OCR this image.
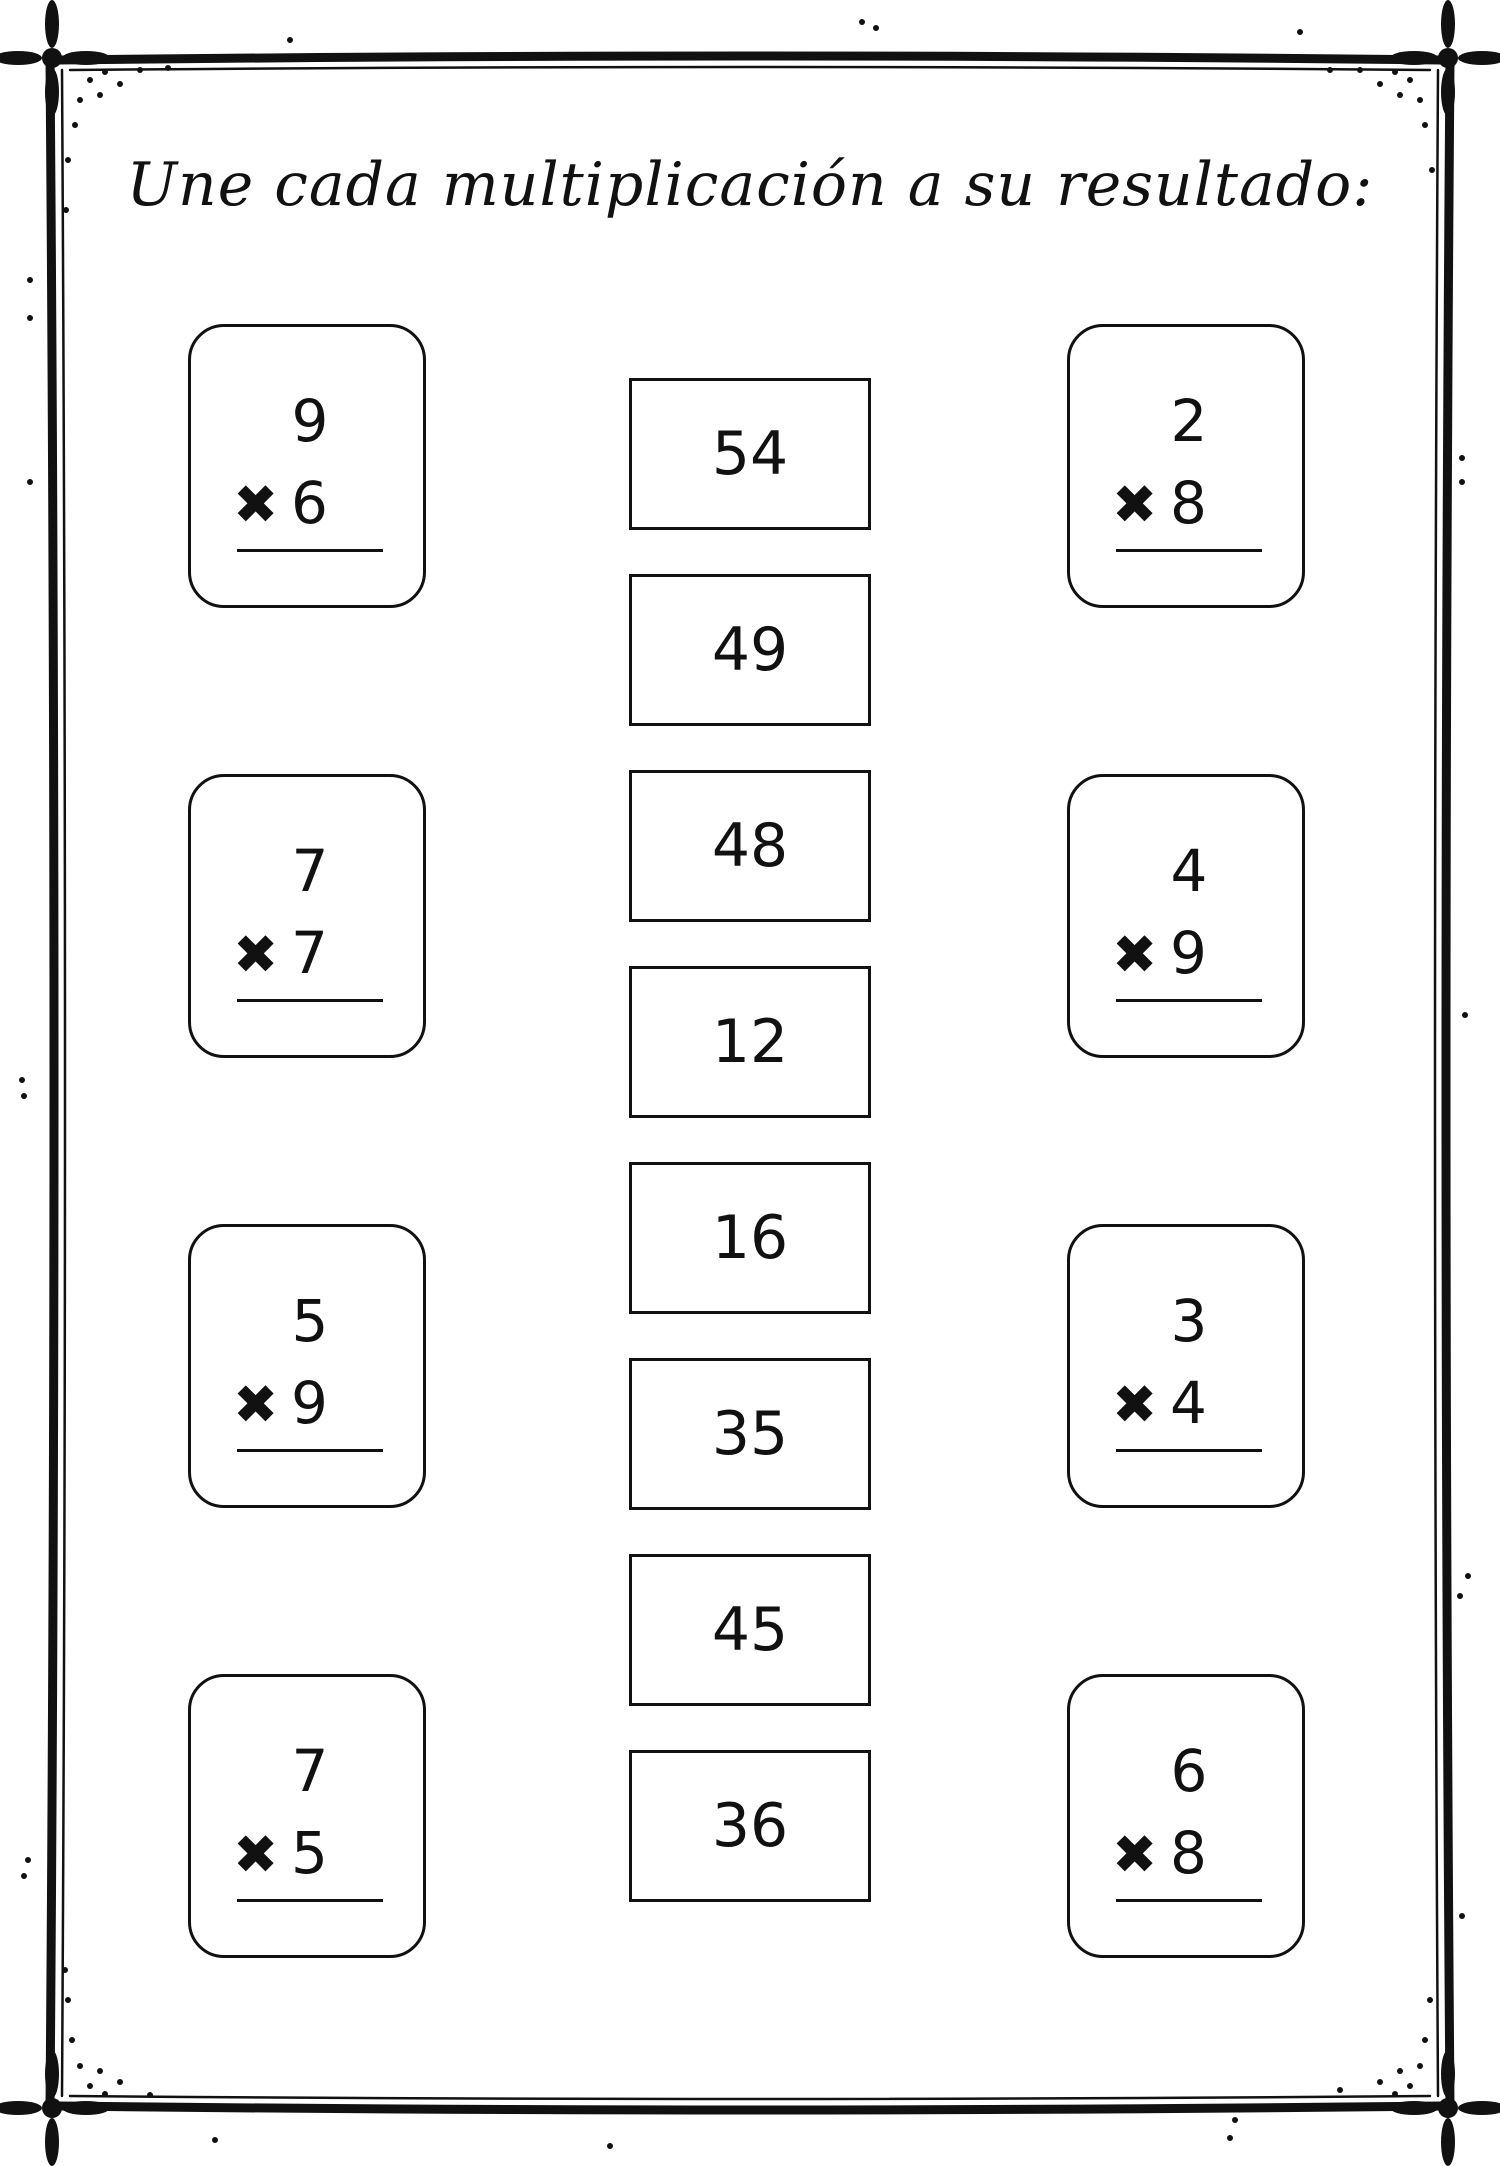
Une cada multiplicación a su resultado:
9
✖ 6
7
✖ 7
5
✖ 9
7
✖ 5
2
✖ 8
4
✖ 9
3
✖ 4
6
✖ 8
54
49
48
12
16
35
45
36
